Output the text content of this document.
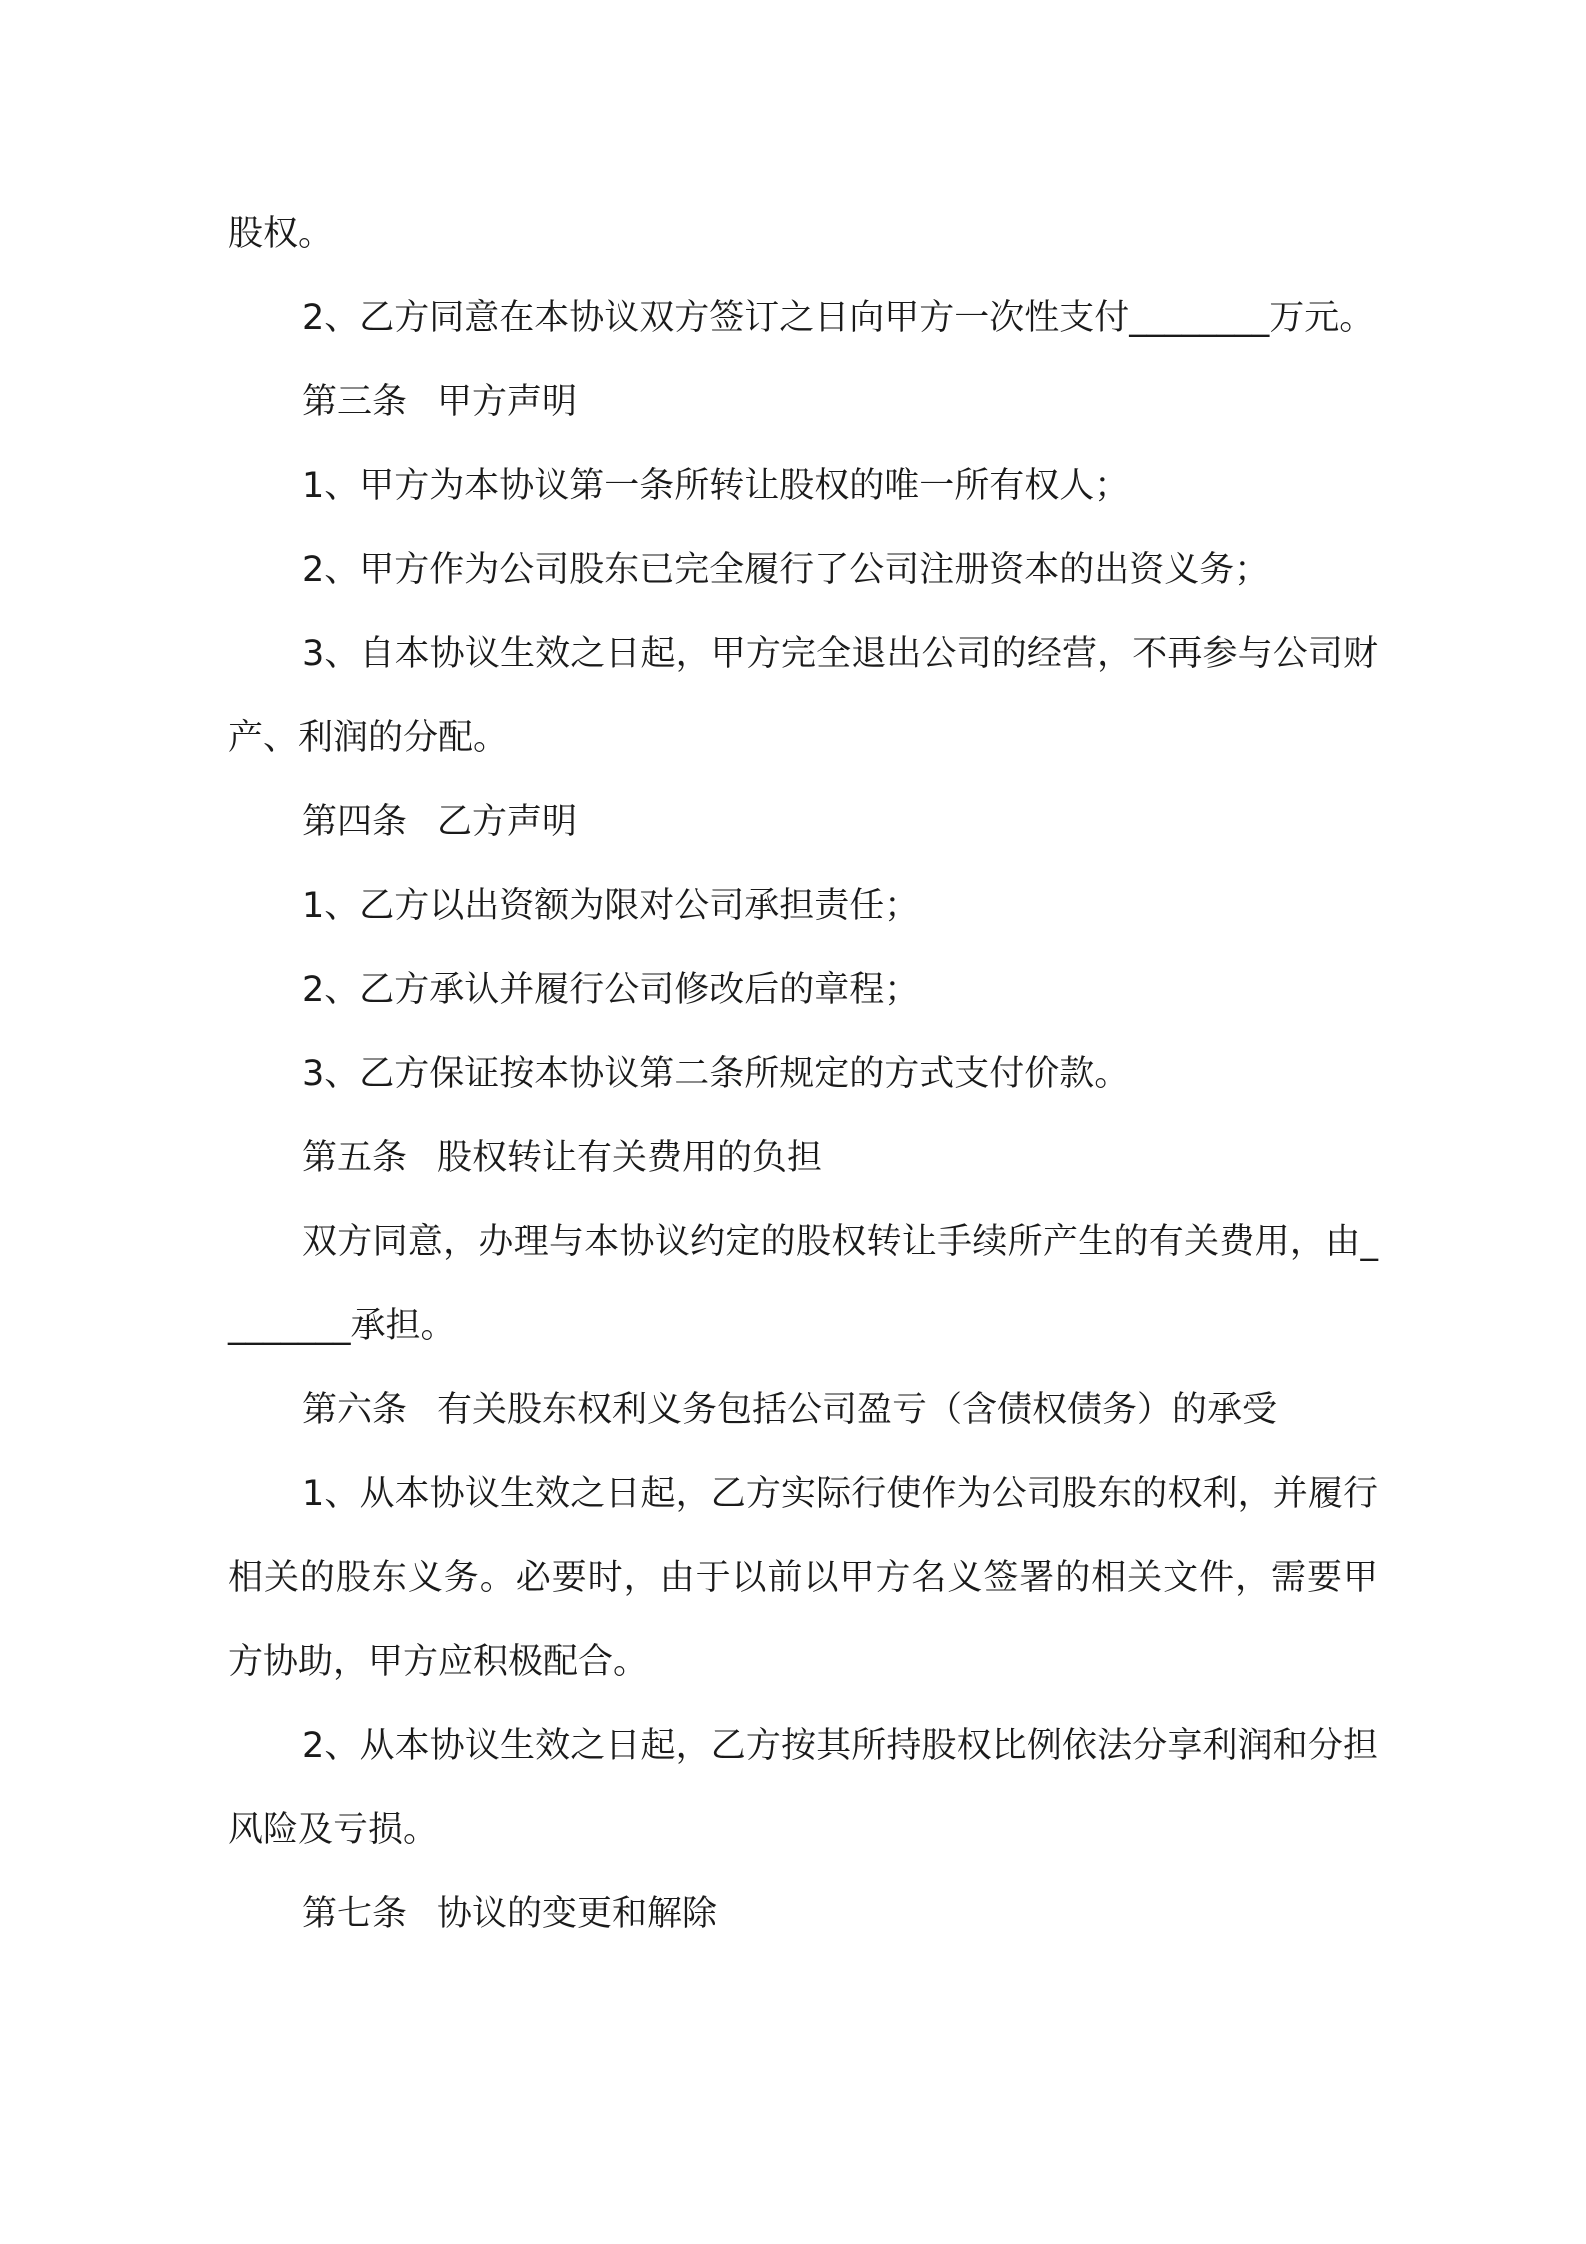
股权。

2、乙方同意在本协议双方签订之日向甲方一次性支付________万元。

第三条 甲方声明

1、甲方为本协议第一条所转让股权的唯一所有权人；

2、甲方作为公司股东已完全履行了公司注册资本的出资义务；

3、自本协议生效之日起，甲方完全退出公司的经营，不再参与公司财产、利润的分配。

第四条 乙方声明

1、乙方以出资额为限对公司承担责任；

2、乙方承认并履行公司修改后的章程；

3、乙方保证按本协议第二条所规定的方式支付价款。

第五条 股权转让有关费用的负担

双方同意，办理与本协议约定的股权转让手续所产生的有关费用，由________承担。

第六条 有关股东权利义务包括公司盈亏（含债权债务）的承受

1、从本协议生效之日起，乙方实际行使作为公司股东的权利，并履行相关的股东义务。必要时，由于以前以甲方名义签署的相关文件，需要甲方协助，甲方应积极配合。

2、从本协议生效之日起，乙方按其所持股权比例依法分享利润和分担风险及亏损。

第七条 协议的变更和解除
